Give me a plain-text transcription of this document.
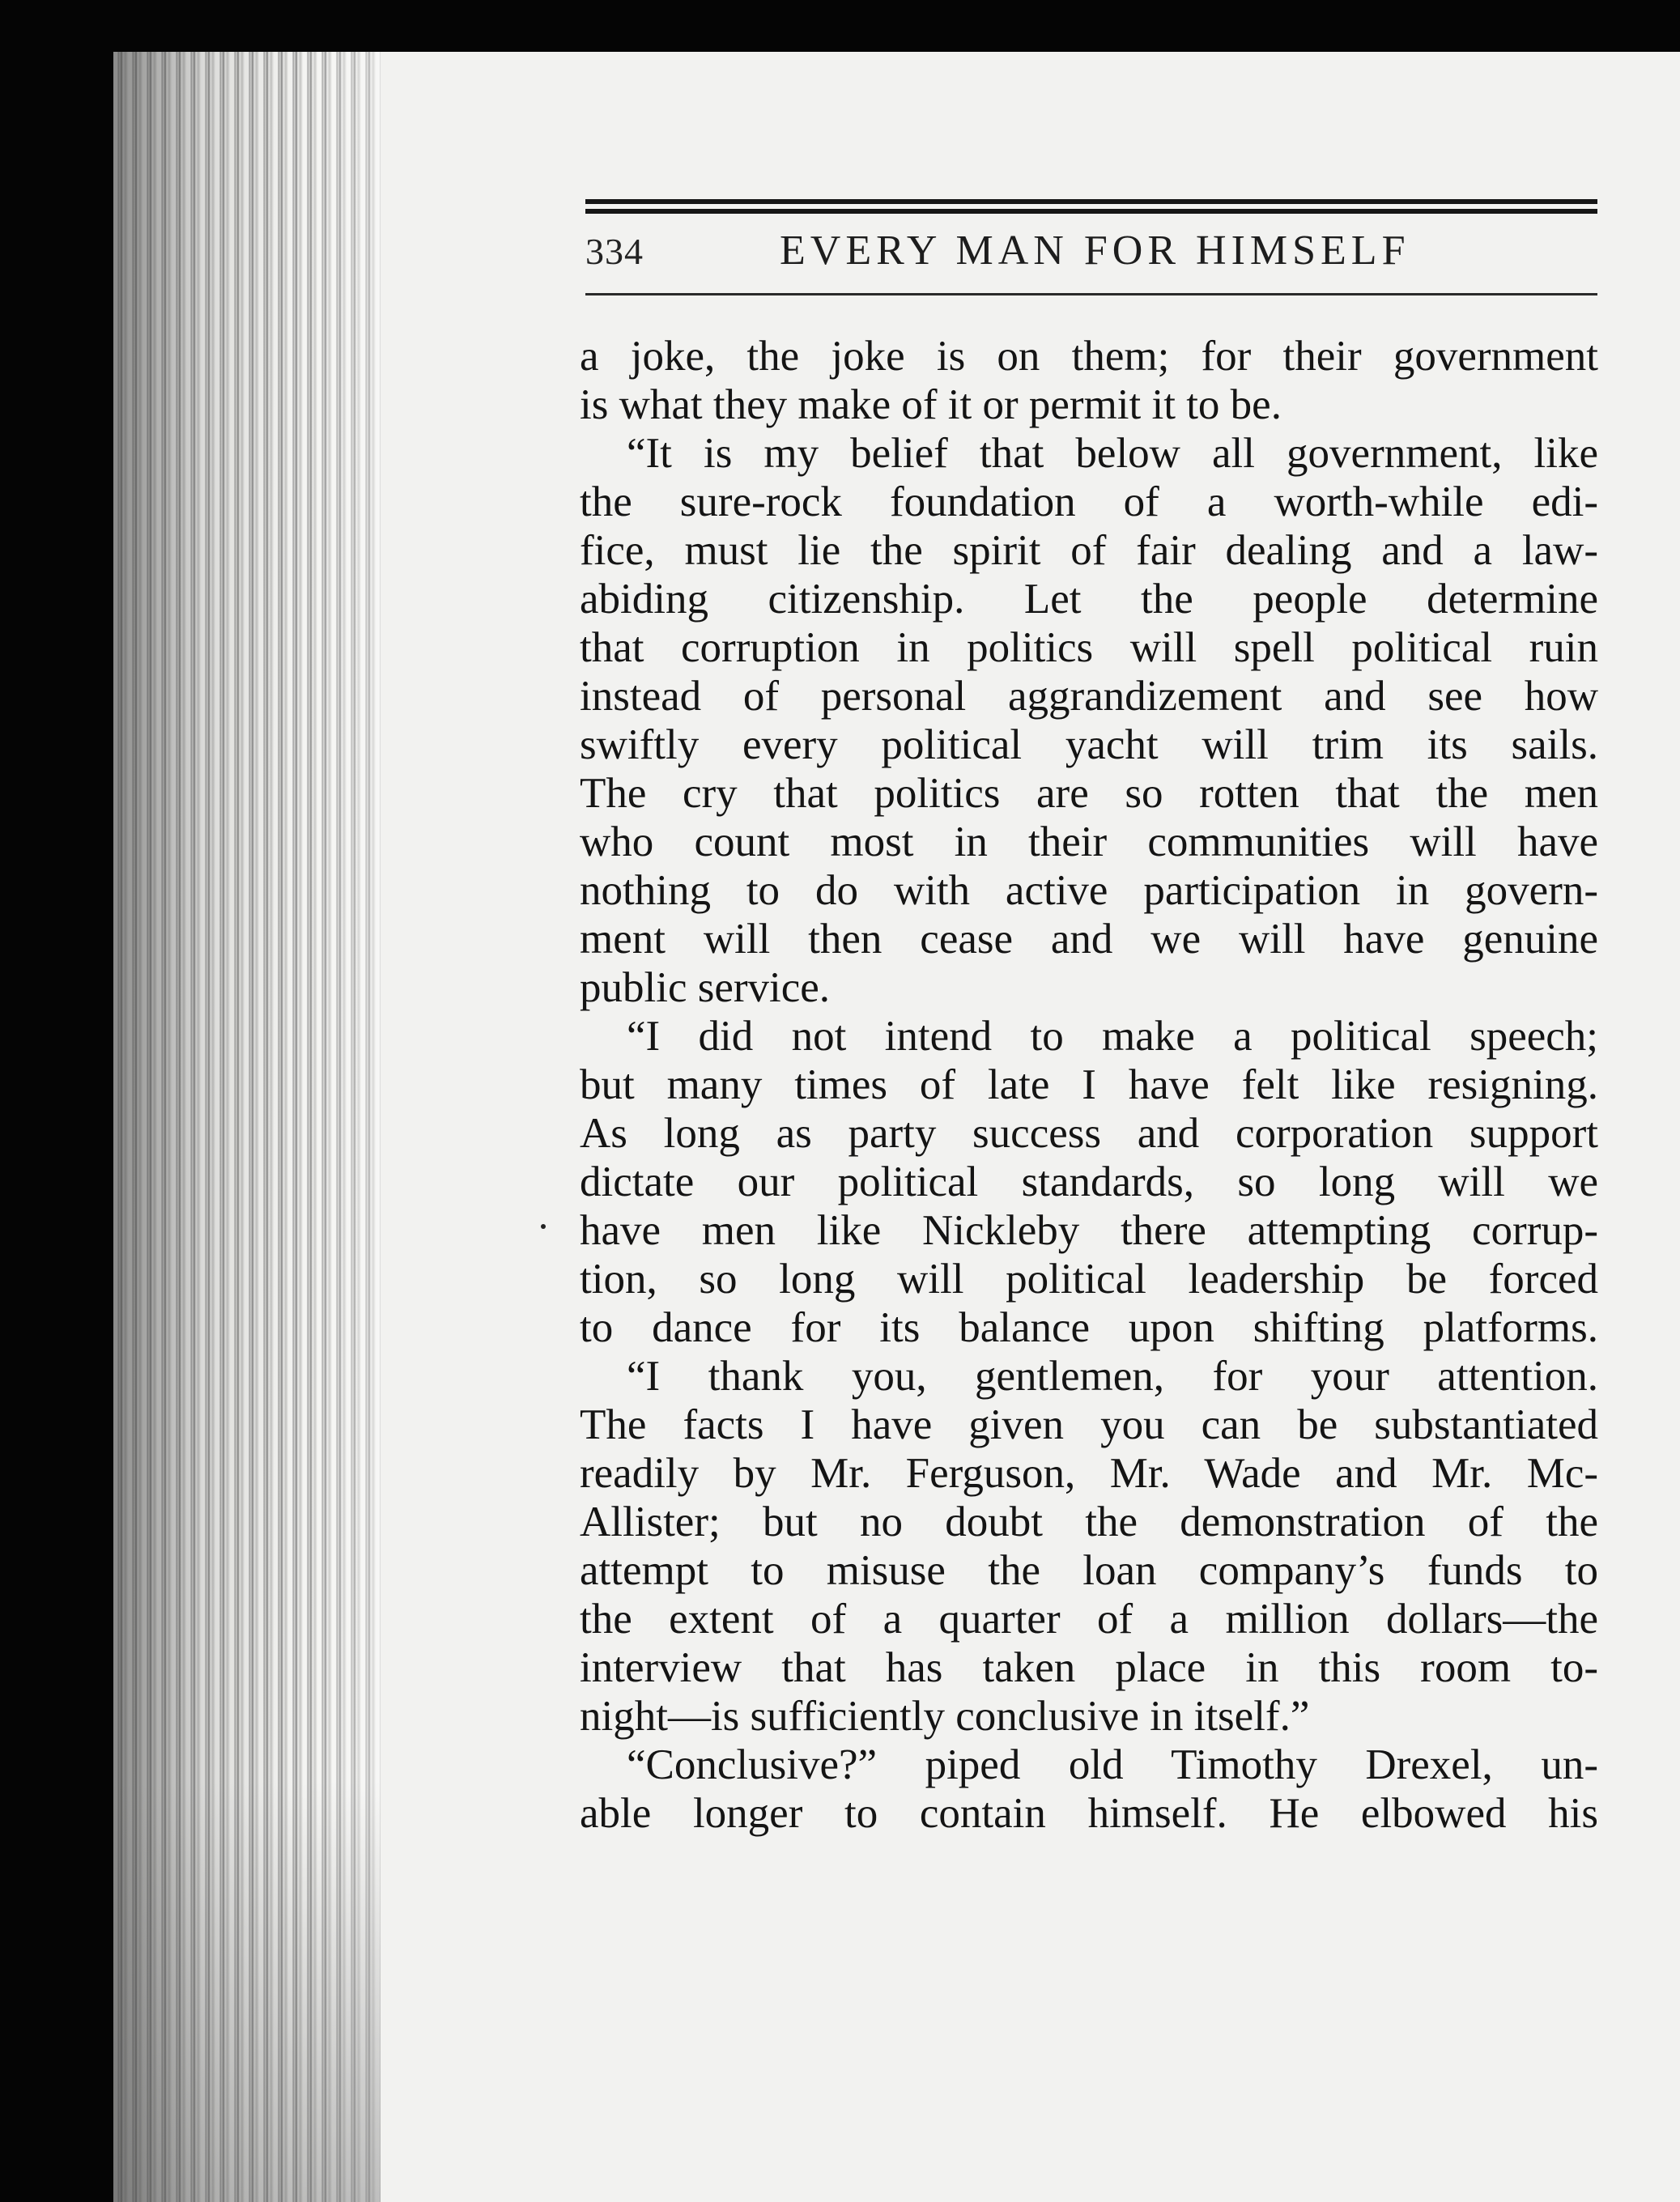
334	EVERY MAN FOR HIMSELF
a joke, the joke is on them; for their government
is what they make of it or permit it to be.
“It is my belief that below all government, like
the sure-rock foundation of a worth-while edi-
fice, must lie the spirit of fair dealing and a law-
abiding citizenship. Let the people determine
that corruption in politics will spell political ruin
instead of personal aggrandizement and see how
swiftly every political yacht will trim its sails.
The cry that politics are so rotten that the men
who count most in their communities will have
nothing to do with active participation in govern-
ment will then cease and we will have genuine
public service.
“I did not intend to make a political speech;
but many times of late I have felt like resigning.
As long as party success and corporation support
dictate our political standards, so long will we
have men like Nickleby there attempting corrup-
tion, so long will political leadership be forced
to dance for its balance upon shifting platforms.
“I thank you, gentlemen, for your attention.
The facts I have given you can be substantiated
readily by Mr. Ferguson, Mr. Wade and Mr. Mc-
Allister; but no doubt the demonstration of the
attempt to misuse the loan company’s funds to
the extent of a quarter of a million dollars—the
interview that has taken place in this room to-
night—is sufficiently conclusive in itself.”
“Conclusive?” piped old Timothy Drexel, un-
able longer to contain himself. He elbowed his
